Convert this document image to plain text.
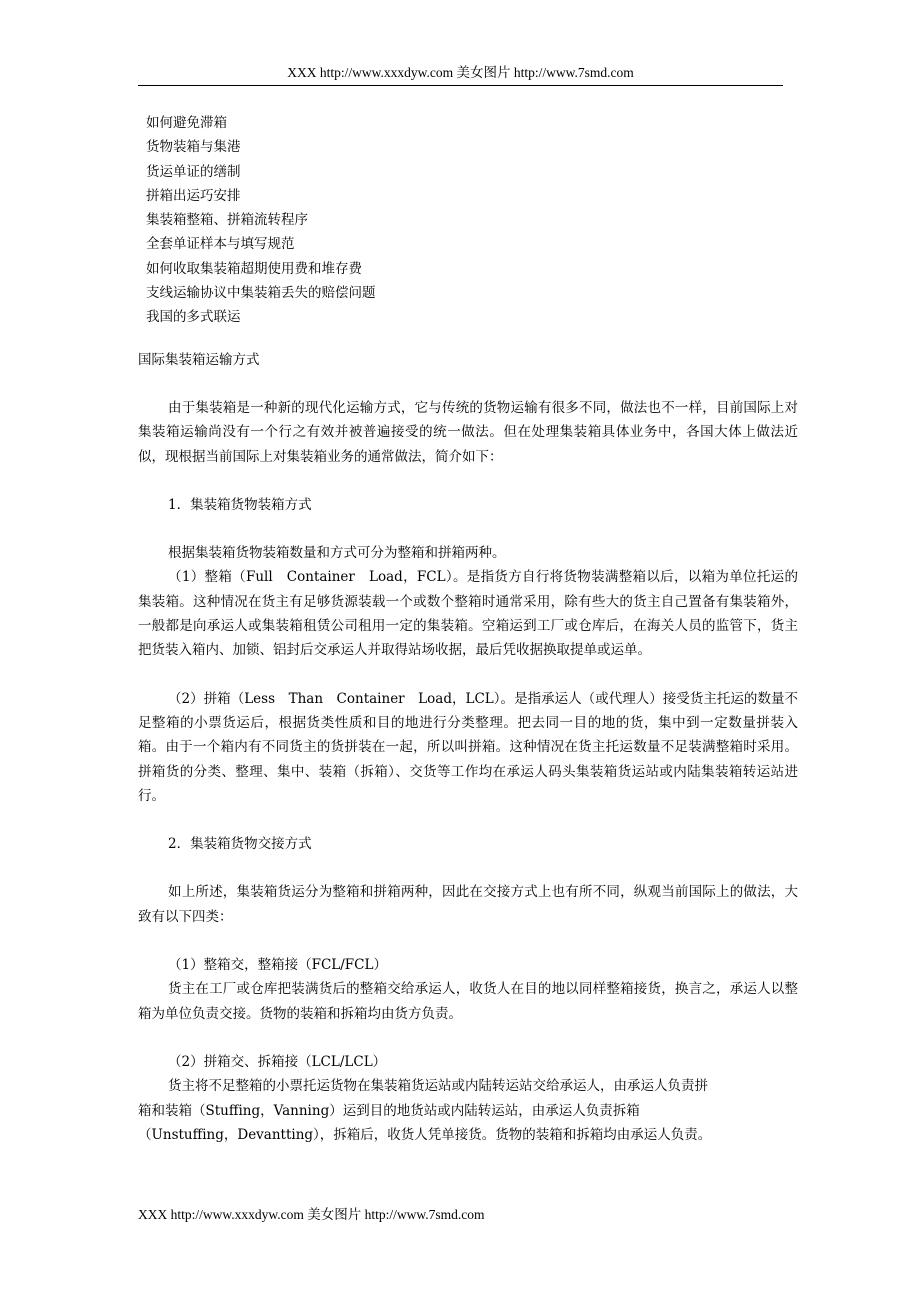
XXX http://www.xxxdyw.com 美女图片 http://www.7smd.com
如何避免滞箱
货物装箱与集港
货运单证的缮制
拼箱出运巧安排
集装箱整箱、拼箱流转程序
全套单证样本与填写规范
如何收取集装箱超期使用费和堆存费
支线运输协议中集装箱丢失的赔偿问题
我国的多式联运

国际集装箱运输方式

由于集装箱是一种新的现代化运输方式，它与传统的货物运输有很多不同，做法也不一样，目前国际上对集装箱运输尚没有一个行之有效并被普遍接受的统一做法。但在处理集装箱具体业务中，各国大体上做法近似，现根据当前国际上对集装箱业务的通常做法，简介如下：

1．集装箱货物装箱方式

根据集装箱货物装箱数量和方式可分为整箱和拼箱两种。

（1）整箱（Full　Container　Load，FCL）。是指货方自行将货物装满整箱以后，以箱为单位托运的集装箱。这种情况在货主有足够货源装载一个或数个整箱时通常采用，除有些大的货主自己置备有集装箱外，一般都是向承运人或集装箱租赁公司租用一定的集装箱。空箱运到工厂或仓库后，在海关人员的监管下，货主把货装入箱内、加锁、铝封后交承运人并取得站场收据，最后凭收据换取提单或运单。

（2）拼箱（Less　Than　Container　Load，LCL）。是指承运人（或代理人）接受货主托运的数量不足整箱的小票货运后，根据货类性质和目的地进行分类整理。把去同一目的地的货，集中到一定数量拼装入箱。由于一个箱内有不同货主的货拼装在一起，所以叫拼箱。这种情况在货主托运数量不足装满整箱时采用。拼箱货的分类、整理、集中、装箱（拆箱）、交货等工作均在承运人码头集装箱货运站或内陆集装箱转运站进行。

2．集装箱货物交接方式

如上所述，集装箱货运分为整箱和拼箱两种，因此在交接方式上也有所不同，纵观当前国际上的做法，大致有以下四类：

（1）整箱交，整箱接（FCL/FCL）

货主在工厂或仓库把装满货后的整箱交给承运人，收货人在目的地以同样整箱接货，换言之，承运人以整箱为单位负责交接。货物的装箱和拆箱均由货方负责。

（2）拼箱交、拆箱接（LCL/LCL）

货主将不足整箱的小票托运货物在集装箱货运站或内陆转运站交给承运人，由承运人负责拼

箱和装箱（Stuffing，Vanning）运到目的地货站或内陆转运站，由承运人负责拆箱

（Unstuffing，Devantting），拆箱后，收货人凭单接货。货物的装箱和拆箱均由承运人负责。

XXX http://www.xxxdyw.com 美女图片 http://www.7smd.com
